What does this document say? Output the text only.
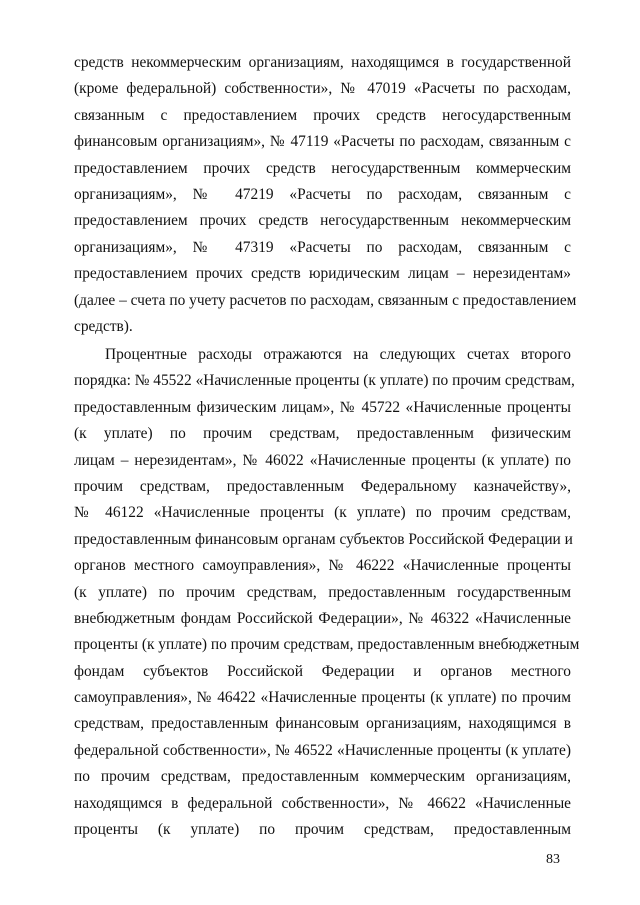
средств некоммерческим организациям, находящимся в государственной
(кроме федеральной) собственности», № 47019 «Расчеты по расходам,
связанным с предоставлением прочих средств негосударственным
финансовым организациям», № 47119 «Расчеты по расходам, связанным с
предоставлением прочих средств негосударственным коммерческим
организациям», № 47219 «Расчеты по расходам, связанным с
предоставлением прочих средств негосударственным некоммерческим
организациям», № 47319 «Расчеты по расходам, связанным с
предоставлением прочих средств юридическим лицам – нерезидентам»
(далее – счета по учету расчетов по расходам, связанным с предоставлением
средств).
Процентные расходы отражаются на следующих счетах второго
порядка: № 45522 «Начисленные проценты (к уплате) по прочим средствам,
предоставленным физическим лицам», № 45722 «Начисленные проценты
(к уплате) по прочим средствам, предоставленным физическим
лицам – нерезидентам», № 46022 «Начисленные проценты (к уплате) по
прочим средствам, предоставленным Федеральному казначейству»,
№ 46122 «Начисленные проценты (к уплате) по прочим средствам,
предоставленным финансовым органам субъектов Российской Федерации и
органов местного самоуправления», № 46222 «Начисленные проценты
(к уплате) по прочим средствам, предоставленным государственным
внебюджетным фондам Российской Федерации», № 46322 «Начисленные
проценты (к уплате) по прочим средствам, предоставленным внебюджетным
фондам субъектов Российской Федерации и органов местного
самоуправления», № 46422 «Начисленные проценты (к уплате) по прочим
средствам, предоставленным финансовым организациям, находящимся в
федеральной собственности», № 46522 «Начисленные проценты (к уплате)
по прочим средствам, предоставленным коммерческим организациям,
находящимся в федеральной собственности», № 46622 «Начисленные
проценты (к уплате) по прочим средствам, предоставленным
83
